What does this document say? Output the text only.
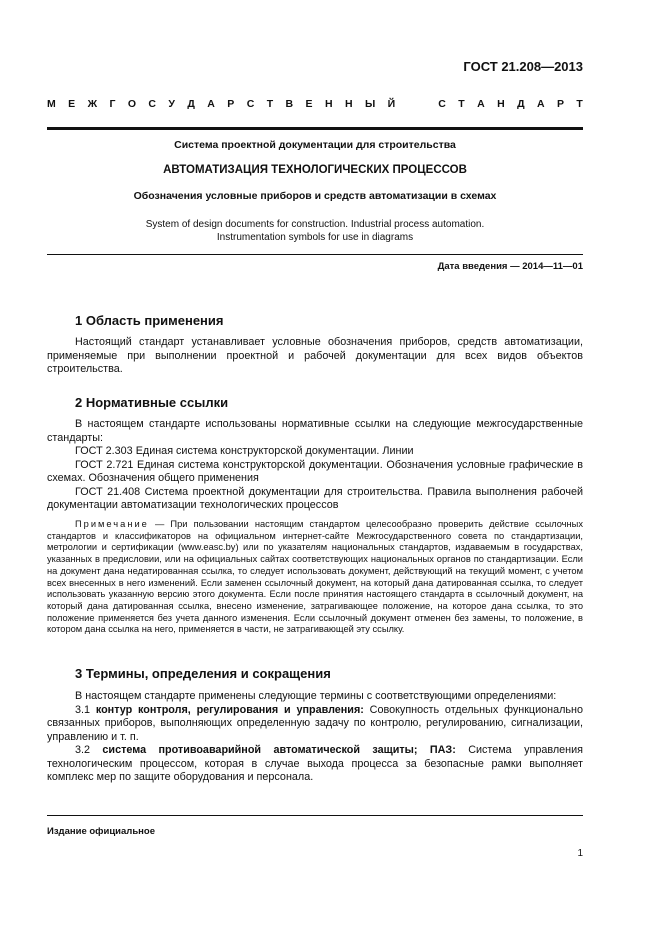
ГОСТ 21.208—2013
М Е Ж Г О С У Д А Р С Т В Е Н Н Ы Й

	С Т А Н Д А Р Т
Система проектной документации для строительства
АВТОМАТИЗАЦИЯ ТЕХНОЛОГИЧЕСКИХ ПРОЦЕССОВ
Обозначения условные приборов и средств автоматизации в схемах
System of design documents for construction. Industrial process automation.
Instrumentation symbols for use in diagrams
Дата введения — 2014—11—01
1 Область применения

Настоящий стандарт устанавливает условные обозначения приборов, средств автоматизации, применяемые при выполнении проектной и рабочей документации для всех видов объектов строительства.

2 Нормативные ссылки

В настоящем стандарте использованы нормативные ссылки на следующие межгосударственные стандарты:

ГОСТ 2.303 Единая система конструкторской документации. Линии

ГОСТ 2.721 Единая система конструкторской документации. Обозначения условные графические в схемах. Обозначения общего применения

ГОСТ 21.408 Система проектной документации для строительства. Правила выполнения рабочей документации автоматизации технологических процессов

Примечание — При пользовании настоящим стандартом целесообразно проверить действие ссылочных стандартов и классификаторов на официальном интернет-сайте Межгосударственного совета по стандартизации, метрологии и сертификации (www.easc.by) или по указателям национальных стандартов, издаваемым в государствах, указанных в предисловии, или на официальных сайтах соответствующих национальных органов по стандартизации. Если на документ дана недатированная ссылка, то следует использовать документ, действующий на текущий момент, с учетом всех внесенных в него изменений. Если заменен ссылочный документ, на который дана датированная ссылка, то следует использовать указанную версию этого документа. Если после принятия настоящего стандарта в ссылочный документ, на который дана датированная ссылка, внесено изменение, затрагивающее положение, на которое дана ссылка, то это положение применяется без учета данного изменения. Если ссылочный документ отменен без замены, то положение, в котором дана ссылка на него, применяется в части, не затрагивающей эту ссылку.

3 Термины, определения и сокращения

В настоящем стандарте применены следующие термины с соответствующими определениями:

3.1 контур контроля, регулирования и управления: Совокупность отдельных функционально связанных приборов, выполняющих определенную задачу по контролю, регулированию, сигнализации, управлению и т. п.

3.2 система противоаварийной автоматической защиты; ПАЗ: Система управления технологическим процессом, которая в случае выхода процесса за безопасные рамки выполняет комплекс мер по защите оборудования и персонала.

Издание официальное
1
